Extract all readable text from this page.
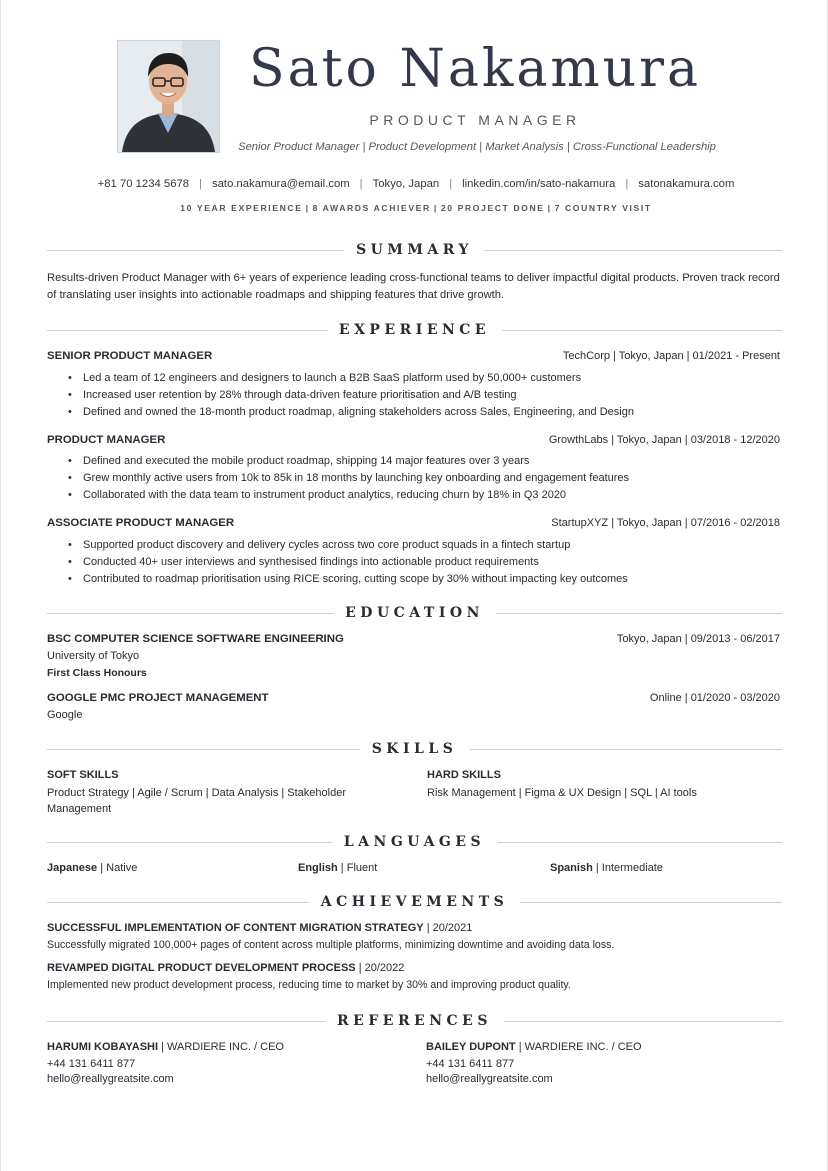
Sato Nakamura
PRODUCT MANAGER
Senior Product Manager | Product Development | Market Analysis | Cross-Functional Leadership
+81 70 1234 5678 | sato.nakamura@email.com | Tokyo, Japan | linkedin.com/in/sato-nakamura | satonakamura.com
10 YEAR EXPERIENCE | 8 AWARDS ACHIEVER | 20 PROJECT DONE | 7 COUNTRY VISIT
SUMMARY
Results-driven Product Manager with 6+ years of experience leading cross-functional teams to deliver impactful digital products. Proven track record of translating user insights into actionable roadmaps and shipping features that drive growth.
EXPERIENCE
SENIOR PRODUCT MANAGER	TechCorp | Tokyo, Japan | 01/2021 - Present
• Led a team of 12 engineers and designers to launch a B2B SaaS platform used by 50,000+ customers
• Increased user retention by 28% through data-driven feature prioritisation and A/B testing
• Defined and owned the 18-month product roadmap, aligning stakeholders across Sales, Engineering, and Design
PRODUCT MANAGER	GrowthLabs | Tokyo, Japan | 03/2018 - 12/2020
• Defined and executed the mobile product roadmap, shipping 14 major features over 3 years
• Grew monthly active users from 10k to 85k in 18 months by launching key onboarding and engagement features
• Collaborated with the data team to instrument product analytics, reducing churn by 18% in Q3 2020
ASSOCIATE PRODUCT MANAGER	StartupXYZ | Tokyo, Japan | 07/2016 - 02/2018
• Supported product discovery and delivery cycles across two core product squads in a fintech startup
• Conducted 40+ user interviews and synthesised findings into actionable product requirements
• Contributed to roadmap prioritisation using RICE scoring, cutting scope by 30% without impacting key outcomes
EDUCATION
BSC COMPUTER SCIENCE SOFTWARE ENGINEERING	Tokyo, Japan | 09/2013 - 06/2017
University of Tokyo
First Class Honours
GOOGLE PMC PROJECT MANAGEMENT	Online | 01/2020 - 03/2020
Google
SKILLS
SOFT SKILLS
Product Strategy | Agile / Scrum | Data Analysis | Stakeholder Management
HARD SKILLS
Risk Management | Figma & UX Design | SQL | AI tools
LANGUAGES
Japanese | Native	English | Fluent	Spanish | Intermediate
ACHIEVEMENTS
SUCCESSFUL IMPLEMENTATION OF CONTENT MIGRATION STRATEGY | 20/2021
Successfully migrated 100,000+ pages of content across multiple platforms, minimizing downtime and avoiding data loss.
REVAMPED DIGITAL PRODUCT DEVELOPMENT PROCESS | 20/2022
Implemented new product development process, reducing time to market by 30% and improving product quality.
REFERENCES
HARUMI KOBAYASHI | WARDIERE INC. / CEO
+44 131 6411 877
hello@reallygreatsite.com
BAILEY DUPONT | WARDIERE INC. / CEO
+44 131 6411 877
hello@reallygreatsite.com
